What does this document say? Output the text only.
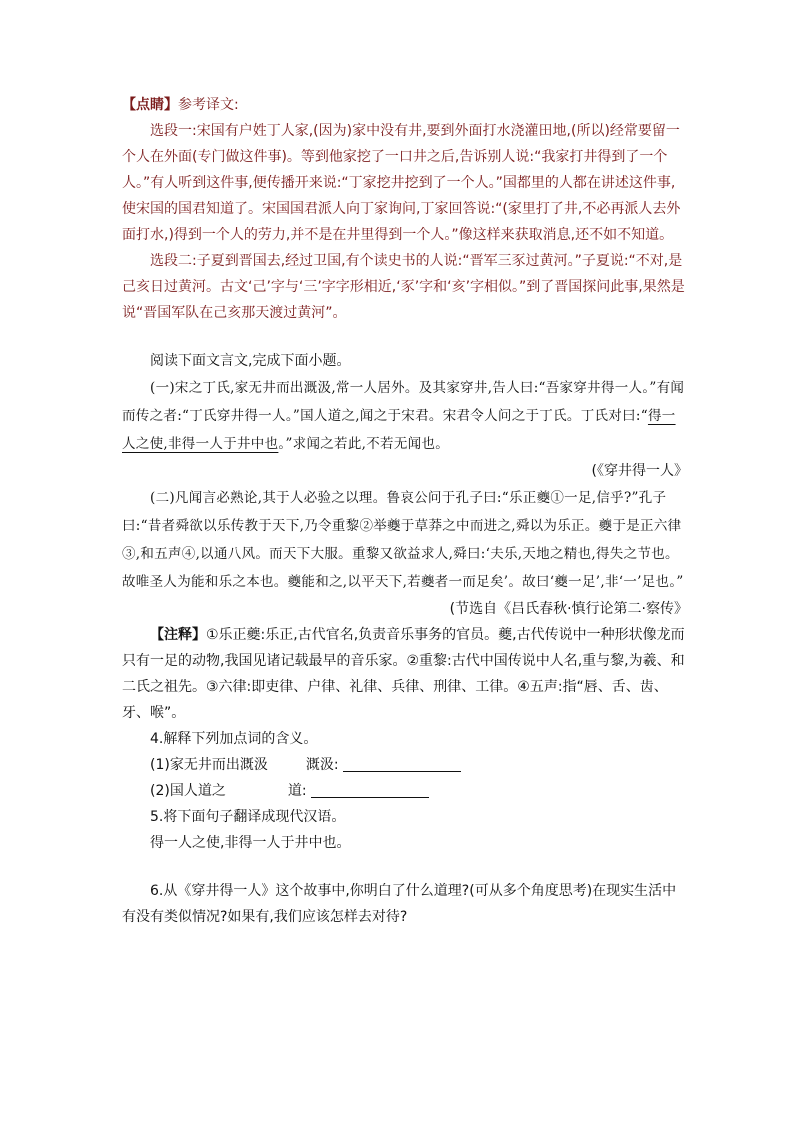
【点睛】参考译文:

选段一:宋国有户姓丁人家,(因为)家中没有井,要到外面打水浇灌田地,(所以)经常要留一个人在外面(专门做这件事)。等到他家挖了一口井之后,告诉别人说:“我家打井得到了一个人。”有人听到这件事,便传播开来说:“丁家挖井挖到了一个人。”国都里的人都在讲述这件事,使宋国的国君知道了。宋国国君派人向丁家询问,丁家回答说:“(家里打了井,不必再派人去外面打水,)得到一个人的劳力,并不是在井里得到一个人。”像这样来获取消息,还不如不知道。

选段二:子夏到晋国去,经过卫国,有个读史书的人说:“晋军三豕过黄河。”子夏说:“不对,是己亥日过黄河。古文‘己’字与‘三’字字形相近,‘豕’字和‘亥’字相似。”到了晋国探问此事,果然是说“晋国军队在己亥那天渡过黄河”。

阅读下面文言文,完成下面小题。

(一)宋之丁氏,家无井而出溉汲,常一人居外。及其家穿井,告人曰:“吾家穿井得一人。”有闻而传之者:“丁氏穿井得一人。”国人道之,闻之于宋君。宋君令人问之于丁氏。丁氏对曰:“得一人之使,非得一人于井中也。”求闻之若此,不若无闻也。

(《穿井得一人》

(二)凡闻言必熟论,其于人必验之以理。鲁哀公问于孔子曰:“乐正夔①一足,信乎?”孔子曰:“昔者舜欲以乐传教于天下,乃令重黎②举夔于草莽之中而进之,舜以为乐正。夔于是正六律③,和五声④,以通八风。而天下大服。重黎又欲益求人,舜曰:‘夫乐,天地之精也,得失之节也。故唯圣人为能和乐之本也。夔能和之,以平天下,若夔者一而足矣’。故曰‘夔一足’,非‘一’足也。”

(节选自《吕氏春秋·慎行论第二·察传》

【注释】①乐正夔:乐正,古代官名,负责音乐事务的官员。夔,古代传说中一种形状像龙而只有一足的动物,我国见诸记载最早的音乐家。②重黎:古代中国传说中人名,重与黎,为羲、和二氏之祖先。③六律:即吏律、户律、礼律、兵律、刑律、工律。④五声:指“唇、舌、齿、牙、喉”。

4.解释下列加点词的含义。

(1)家无井而出溉汲	溉汲:

(2)国人道之	道:

5.将下面句子翻译成现代汉语。

得一人之使,非得一人于井中也。

6.从《穿井得一人》这个故事中,你明白了什么道理?(可从多个角度思考)在现实生活中有没有类似情况?如果有,我们应该怎样去对待?
